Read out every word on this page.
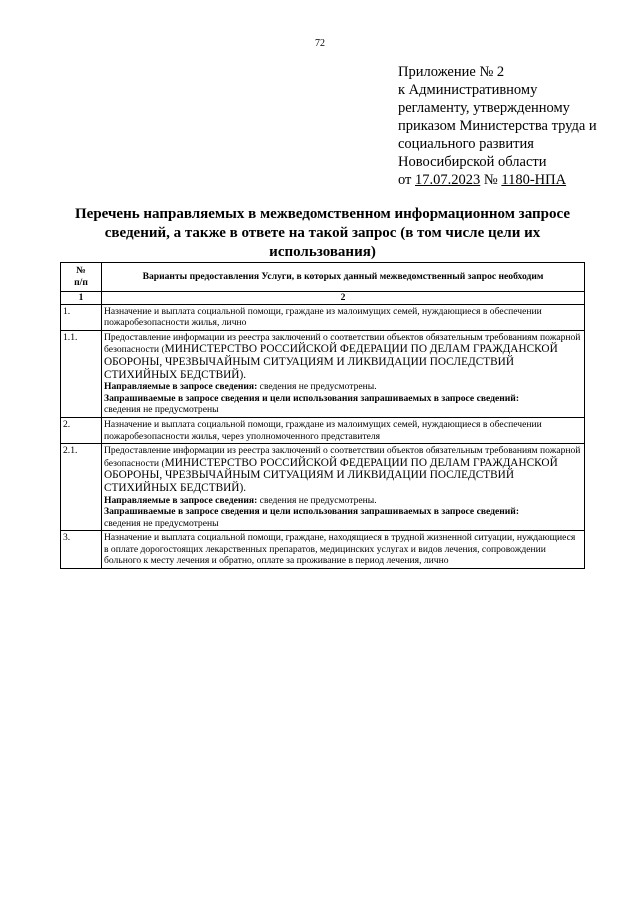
72
Приложение № 2
к Административному
регламенту, утвержденному
приказом Министерства труда и
социального развития
Новосибирской области
от 17.07.2023 № 1180-НПА
Перечень направляемых в межведомственном информационном запросе сведений, а также в ответе на такой запрос (в том числе цели их использования)
№
п/п	Варианты предоставления Услуги, в которых данный межведомственный запрос необходим
1	2
1.	Назначение и выплата социальной помощи, граждане из малоимущих семей, нуждающиеся в обеспечении пожаробезопасности жилья, лично
1.1.	Предоставление информации из реестра заключений о соответствии объектов обязательным требованиям пожарной безопасности (МИНИСТЕРСТВО РОССИЙСКОЙ ФЕДЕРАЦИИ ПО ДЕЛАМ ГРАЖДАНСКОЙ ОБОРОНЫ, ЧРЕЗВЫЧАЙНЫМ СИТУАЦИЯМ И ЛИКВИДАЦИИ ПОСЛЕДСТВИЙ СТИХИЙНЫХ БЕДСТВИЙ).
Направляемые в запросе сведения: сведения не предусмотрены.
Запрашиваемые в запросе сведения и цели использования запрашиваемых в запросе сведений:
сведения не предусмотрены
2.	Назначение и выплата социальной помощи, граждане из малоимущих семей, нуждающиеся в обеспечении пожаробезопасности жилья, через уполномоченного представителя
2.1.	Предоставление информации из реестра заключений о соответствии объектов обязательным требованиям пожарной безопасности (МИНИСТЕРСТВО РОССИЙСКОЙ ФЕДЕРАЦИИ ПО ДЕЛАМ ГРАЖДАНСКОЙ ОБОРОНЫ, ЧРЕЗВЫЧАЙНЫМ СИТУАЦИЯМ И ЛИКВИДАЦИИ ПОСЛЕДСТВИЙ СТИХИЙНЫХ БЕДСТВИЙ).
Направляемые в запросе сведения: сведения не предусмотрены.
Запрашиваемые в запросе сведения и цели использования запрашиваемых в запросе сведений:
сведения не предусмотрены
3.	Назначение и выплата социальной помощи, граждане, находящиеся в трудной жизненной ситуации, нуждающиеся в оплате дорогостоящих лекарственных препаратов, медицинских услугах и видов лечения, сопровождении больного к месту лечения и обратно, оплате за проживание в период лечения, лично
